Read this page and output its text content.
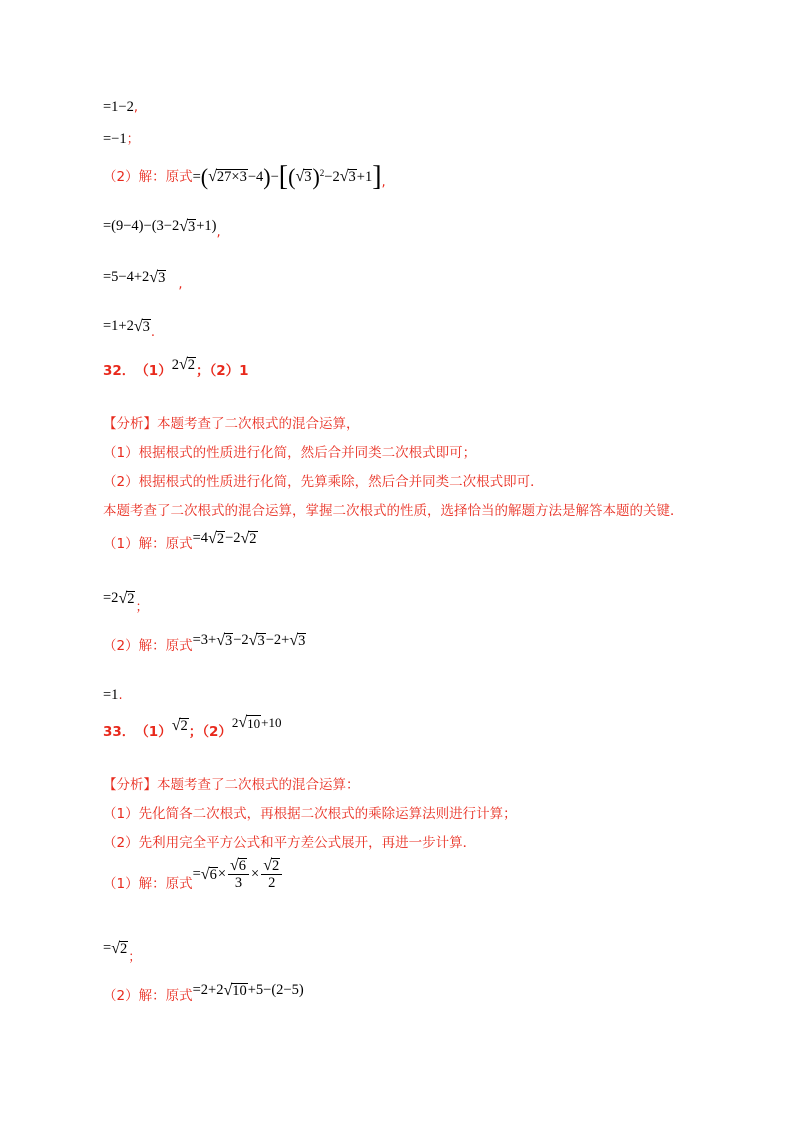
=1−2,
=−1；
（2）解：原式 = ( √ 27×3 −4 ) − [ ( √ 3 ) 2 −2 √ 3 +1 ] ,
=(9−4)−(3−2 √ 3 +1) ,
=5−4+2 √ 3 ,
=1+2 √ 3 .
32． （1） 2 √ 2 ；（2）1
【分析】本题考查了二次根式的混合运算，
（1）根据根式的性质进行化简，然后合并同类二次根式即可；
（2）根据根式的性质进行化简，先算乘除，然后合并同类二次根式即可．
本题考查了二次根式的混合运算，掌握二次根式的性质，选择恰当的解题方法是解答本题的关键．
（1）解：原式 =4 √ 2 −2 √ 2
=2 √ 2
；
（2）解：原式 =3+ √ 3 −2 √ 3 −2+ √ 3
=1.
33． （1） √ 2 ；（2）
2 √ 10 +10
【分析】本题考查了二次根式的混合运算：
（1）先化简各二次根式，再根据二次根式的乘除运算法则进行计算；
（2）先利用完全平方公式和平方差公式展开，再进一步计算．
（1）解：原式
= √ $6 \times \frac{√ 6}{3} \times \frac{√ 2}{2}$
= √ 2
；
（2）解：原式 =2+2 √ 10 +5−(2−5)
